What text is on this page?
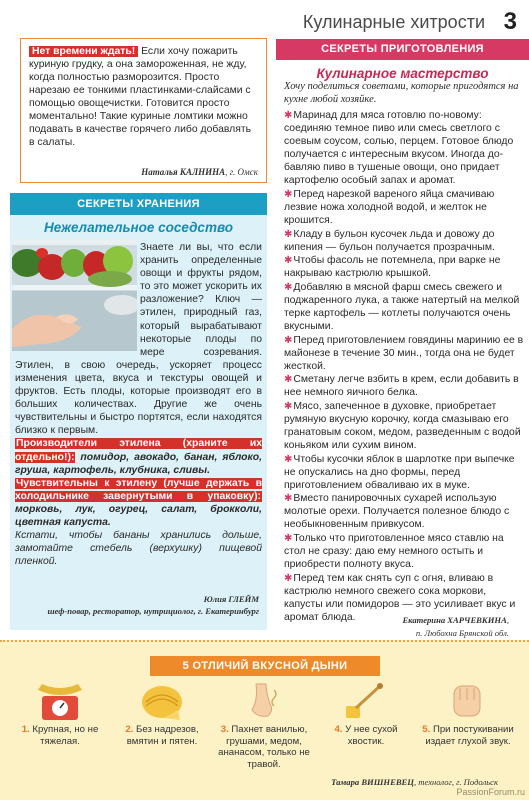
Кулинарные хитрости 3

Нет времени ждать! Если хочу пожарить куриную грудку, а она замороженная, не жду, когда полностью разморозится. Просто нарезаю ее тонкими пластинками-слайсами с помощью овощечистки. Готовится просто моментально! Такие куриные ломтики можно подавать в качестве горячего либо добавлять в салаты.

Наталья КАЛНИНА, г. Омск
СЕКРЕТЫ ХРАНЕНИЯ
Нежелательное соседство
Знаете ли вы, что если хранить определенные овощи и фрукты рядом, то это может ускорить их разложение? Ключ — этилен, природный газ, который вырабатывают некоторые плоды по мере созревания. Этилен, в свою очередь, ускоряет процесс изменения цвета, вкуса и текстуры овощей и фруктов. Есть плоды, которые производят его в больших количествах. Другие же очень чувствительны и быстро портятся, если находятся близко к первым.
Производители этилена (храните их отдельно!): помидор, авокадо, банан, яблоко, груша, картофель, клубника, сливы.
Чувствительны к этилену (лучше держать в холодильнике завернутыми в упаковку): морковь, лук, огурец, салат, брокколи, цветная капуста.
Кстати, чтобы бананы хранились дольше, замотайте стебель (верхушку) пищевой пленкой.
Юлия ГЛЕЙМ
шеф-повар, ресторатор, нутрициолог, г. Екатеринбург
СЕКРЕТЫ ПРИГОТОВЛЕНИЯ
Кулинарное мастерство
Хочу поделиться советами, которые пригодятся на кухне любой хозяйке.
✱Маринад для мяса готовлю по-новому: соединяю темное пиво или смесь светлого с соевым соусом, солью, перцем. Готовое блюдо получается с интересным вкусом. Иногда добавляю пиво в тушеные овощи, оно придает картофелю особый запах и аромат.
✱Перед нарезкой вареного яйца смачиваю лезвие ножа холодной водой, и желток не крошится.
✱Кладу в бульон кусочек льда и довожу до кипения — бульон получается прозрачным.
✱Чтобы фасоль не потемнела, при варке не накрываю кастрюлю крышкой.
✱Добавляю в мясной фарш смесь свежего и поджаренного лука, а также натертый на мелкой терке картофель — котлеты получаются очень вкусными.
✱Перед приготовлением говядины маринию ее в майонезе в течение 30 мин., тогда она не будет жесткой.
✱Сметану легче взбить в крем, если добавить в нее немного яичного белка.
✱Мясо, запеченное в духовке, приобретает румяную вкусную корочку, когда смазываю его гранатовым соком, медом, разведенным с водой коньяком или сухим вином.
✱Чтобы кусочки яблок в шарлотке при выпечке не опускались на дно формы, перед приготовлением обваливаю их в муке.
✱Вместо панировочных сухарей использую молотые орехи. Получается полезное блюдо с необыкновенным привкусом.
✱Только что приготовленное мясо ставлю на стол не сразу: даю ему немного остыть и приобрести полноту вкуса.
✱Перед тем как снять суп с огня, вливаю в кастрюлю немного свежего сока моркови, капусты или помидоров — это усиливает вкус и аромат блюда.	Екатерина ХАРЧЕВКИНА,
п. Любохна Брянской обл.
5 ОТЛИЧИЙ ВКУСНОЙ ДЫНИ
1. Крупная, но не тяжелая.
2. Без надрезов, вмятин и пятен.
3. Пахнет ванилью, грушами, медом, ананасом, только не травой.
4. У нее сухой хвостик.
5. При постукивании издает глухой звук.
Тамара ВИШНЕВЕЦ, технолог, г. Подольск
PassionForum.ru
